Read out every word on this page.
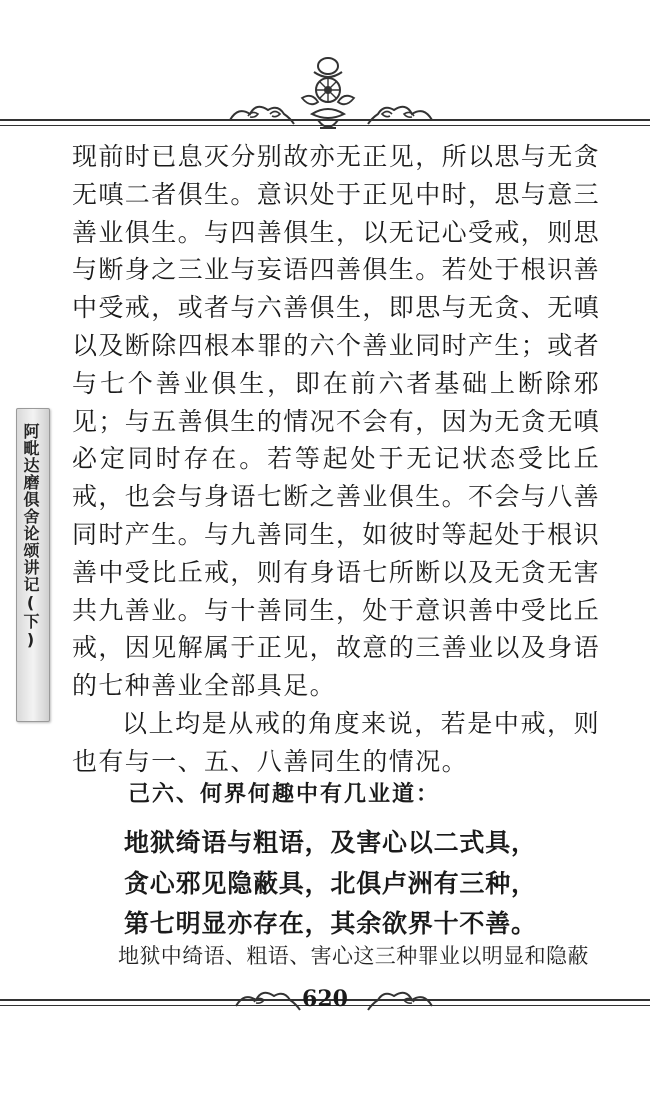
阿毗达磨俱舍论颂讲记(下)

现前时已息灭分别故亦无正见，所以思与无贪无嗔二者俱生。意识处于正见中时，思与意三善业俱生。与四善俱生，以无记心受戒，则思与断身之三业与妄语四善俱生。若处于根识善中受戒，或者与六善俱生，即思与无贪、无嗔以及断除四根本罪的六个善业同时产生；或者与七个善业俱生，即在前六者基础上断除邪见；与五善俱生的情况不会有，因为无贪无嗔必定同时存在。若等起处于无记状态受比丘戒，也会与身语七断之善业俱生。不会与八善同时产生。与九善同生，如彼时等起处于根识善中受比丘戒，则有身语七所断以及无贪无害共九善业。与十善同生，处于意识善中受比丘戒，因见解属于正见，故意的三善业以及身语的七种善业全部具足。

以上均是从戒的角度来说，若是中戒，则也有与一、五、八善同生的情况。

己六、何界何趣中有几业道：
地狱绮语与粗语，及害心以二式具，
贪心邪见隐蔽具，北俱卢洲有三种，
第七明显亦存在，其余欲界十不善。
地狱中绮语、粗语、害心这三种罪业以明显和隐蔽
620
